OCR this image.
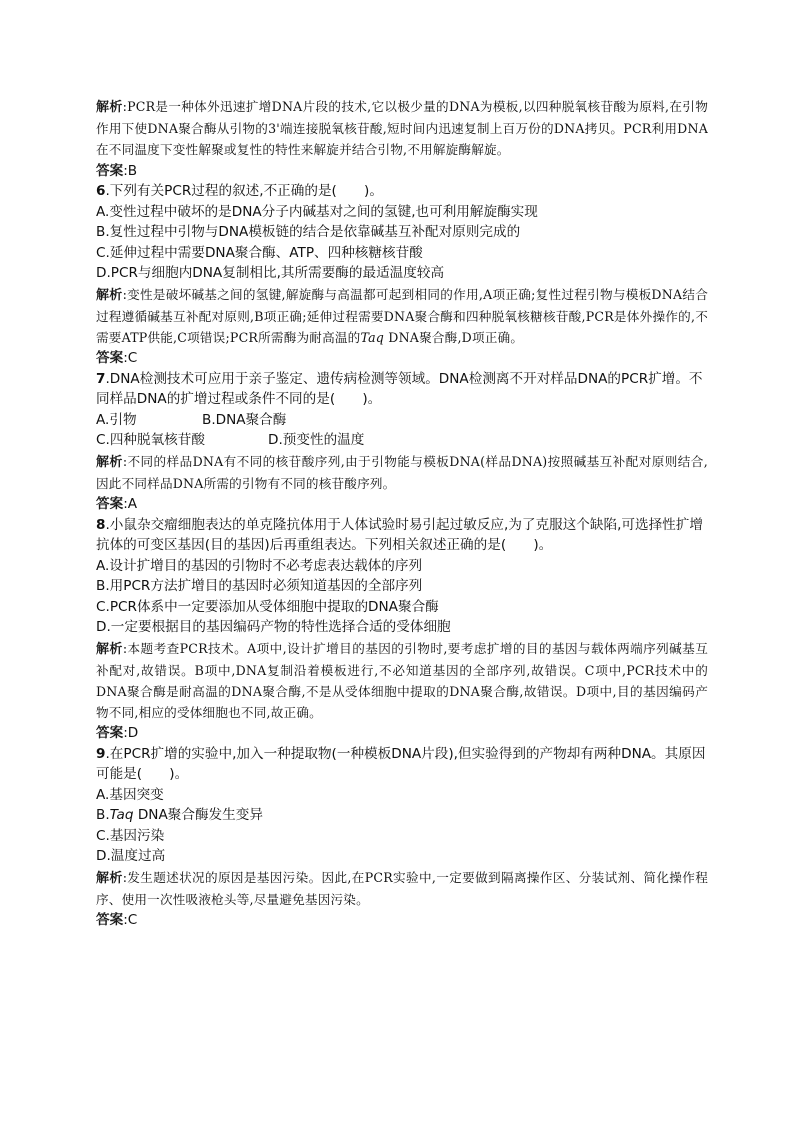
解析:PCR是一种体外迅速扩增DNA片段的技术,它以极少量的DNA为模板,以四种脱氧核苷酸为原料,在引物作用下使DNA聚合酶从引物的3'端连接脱氧核苷酸,短时间内迅速复制上百万份的DNA拷贝。PCR利用DNA在不同温度下变性解聚或复性的特性来解旋并结合引物,不用解旋酶解旋。

答案:B

6.下列有关PCR过程的叙述,不正确的是(　　)。

A.变性过程中破坏的是DNA分子内碱基对之间的氢键,也可利用解旋酶实现

B.复性过程中引物与DNA模板链的结合是依靠碱基互补配对原则完成的

C.延伸过程中需要DNA聚合酶、ATP、四种核糖核苷酸

D.PCR与细胞内DNA复制相比,其所需要酶的最适温度较高

解析:变性是破坏碱基之间的氢键,解旋酶与高温都可起到相同的作用,A项正确;复性过程引物与模板DNA结合过程遵循碱基互补配对原则,B项正确;延伸过程需要DNA聚合酶和四种脱氧核糖核苷酸,PCR是体外操作的,不需要ATP供能,C项错误;PCR所需酶为耐高温的Taq DNA聚合酶,D项正确。

答案:C

7.DNA检测技术可应用于亲子鉴定、遗传病检测等领域。DNA检测离不开对样品DNA的PCR扩增。不同样品DNA的扩增过程或条件不同的是(　　)。

A.引物	B.DNA聚合酶
C.四种脱氧核苷酸	D.预变性的温度

解析:不同的样品DNA有不同的核苷酸序列,由于引物能与模板DNA(样品DNA)按照碱基互补配对原则结合,因此不同样品DNA所需的引物有不同的核苷酸序列。

答案:A

8.小鼠杂交瘤细胞表达的单克隆抗体用于人体试验时易引起过敏反应,为了克服这个缺陷,可选择性扩增抗体的可变区基因(目的基因)后再重组表达。下列相关叙述正确的是(　　)。

A.设计扩增目的基因的引物时不必考虑表达载体的序列

B.用PCR方法扩增目的基因时必须知道基因的全部序列

C.PCR体系中一定要添加从受体细胞中提取的DNA聚合酶

D.一定要根据目的基因编码产物的特性选择合适的受体细胞

解析:本题考查PCR技术。A项中,设计扩增目的基因的引物时,要考虑扩增的目的基因与载体两端序列碱基互补配对,故错误。B项中,DNA复制沿着模板进行,不必知道基因的全部序列,故错误。C项中,PCR技术中的DNA聚合酶是耐高温的DNA聚合酶,不是从受体细胞中提取的DNA聚合酶,故错误。D项中,目的基因编码产物不同,相应的受体细胞也不同,故正确。

答案:D

9.在PCR扩增的实验中,加入一种提取物(一种模板DNA片段),但实验得到的产物却有两种DNA。其原因可能是(　　)。

A.基因突变

B.Taq DNA聚合酶发生变异

C.基因污染

D.温度过高

解析:发生题述状况的原因是基因污染。因此,在PCR实验中,一定要做到隔离操作区、分装试剂、简化操作程序、使用一次性吸液枪头等,尽量避免基因污染。

答案:C
